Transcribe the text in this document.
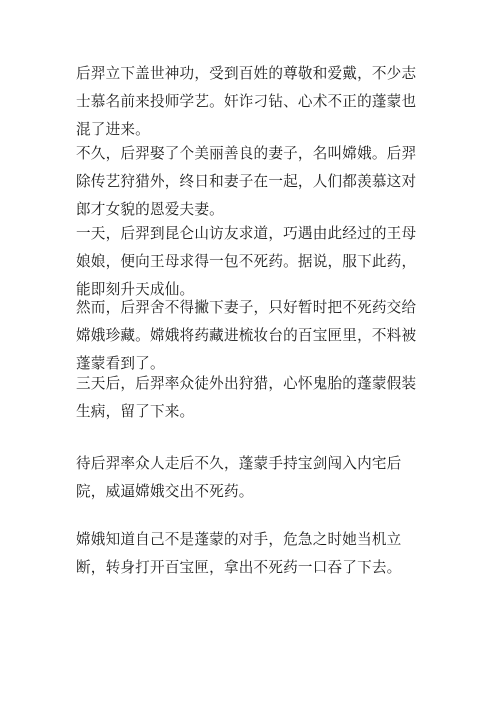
后羿立下盖世神功，受到百姓的尊敬和爱戴，不少志士慕名前来投师学艺。奸诈刁钻、心术不正的蓬蒙也混了进来。

不久，后羿娶了个美丽善良的妻子，名叫嫦娥。后羿除传艺狩猎外，终日和妻子在一起，人们都羡慕这对郎才女貌的恩爱夫妻。

一天，后羿到昆仑山访友求道，巧遇由此经过的王母娘娘，便向王母求得一包不死药。据说，服下此药，能即刻升天成仙。

然而，后羿舍不得撇下妻子，只好暂时把不死药交给嫦娥珍藏。嫦娥将药藏进梳妆台的百宝匣里，不料被蓬蒙看到了。

三天后，后羿率众徒外出狩猎，心怀鬼胎的蓬蒙假装生病，留了下来。

待后羿率众人走后不久，蓬蒙手持宝剑闯入内宅后院，威逼嫦娥交出不死药。

嫦娥知道自己不是蓬蒙的对手，危急之时她当机立断，转身打开百宝匣，拿出不死药一口吞了下去。
